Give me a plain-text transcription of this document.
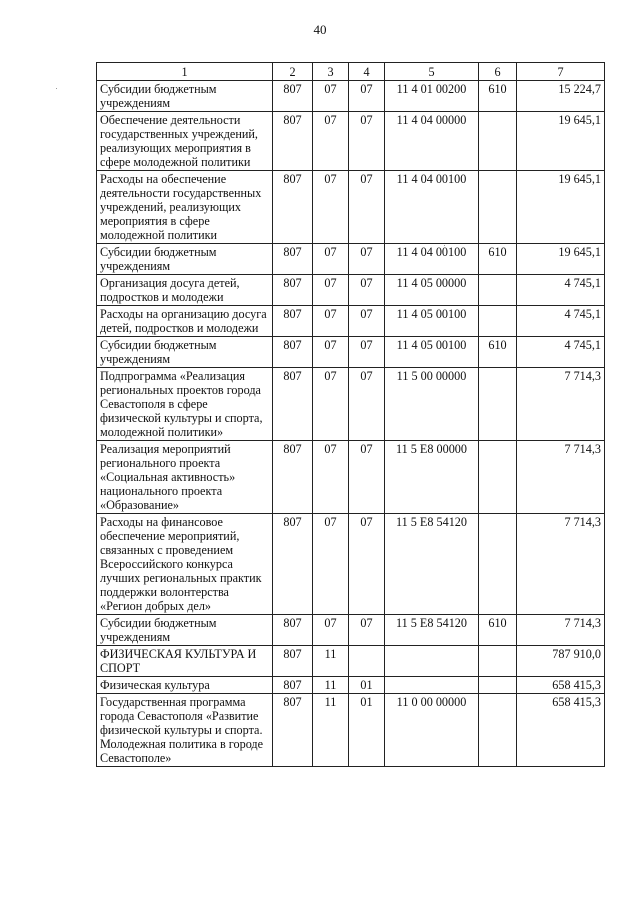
40
1	2	3	4	5	6	7
Субсидии бюджетным учреждениям	807	07	07	11 4 01 00200	610	15 224,7
Обеспечение деятельности государственных учреждений, реализующих мероприятия в сфере молодежной политики	807	07	07	11 4 04 00000		19 645,1
Расходы на обеспечение деятельности государственных учреждений, реализующих мероприятия в сфере молодежной политики	807	07	07	11 4 04 00100		19 645,1
Субсидии бюджетным учреждениям	807	07	07	11 4 04 00100	610	19 645,1
Организация досуга детей, подростков и молодежи	807	07	07	11 4 05 00000		4 745,1
Расходы на организацию досуга детей, подростков и молодежи	807	07	07	11 4 05 00100		4 745,1
Субсидии бюджетным учреждениям	807	07	07	11 4 05 00100	610	4 745,1
Подпрограмма «Реализация региональных проектов города Севастополя в сфере физической культуры и спорта, молодежной политики»	807	07	07	11 5 00 00000		7 714,3
Реализация мероприятий регионального проекта «Социальная активность» национального проекта «Образование»	807	07	07	11 5 E8 00000		7 714,3
Расходы на финансовое обеспечение мероприятий, связанных с проведением Всероссийского конкурса лучших региональных практик поддержки волонтерства «Регион добрых дел»	807	07	07	11 5 E8 54120		7 714,3
Субсидии бюджетным учреждениям	807	07	07	11 5 E8 54120	610	7 714,3
ФИЗИЧЕСКАЯ КУЛЬТУРА И СПОРТ	807	11				787 910,0
Физическая культура	807	11	01			658 415,3
Государственная программа города Севастополя «Развитие физической культуры и спорта. Молодежная политика в городе Севастополе»	807	11	01	11 0 00 00000		658 415,3
